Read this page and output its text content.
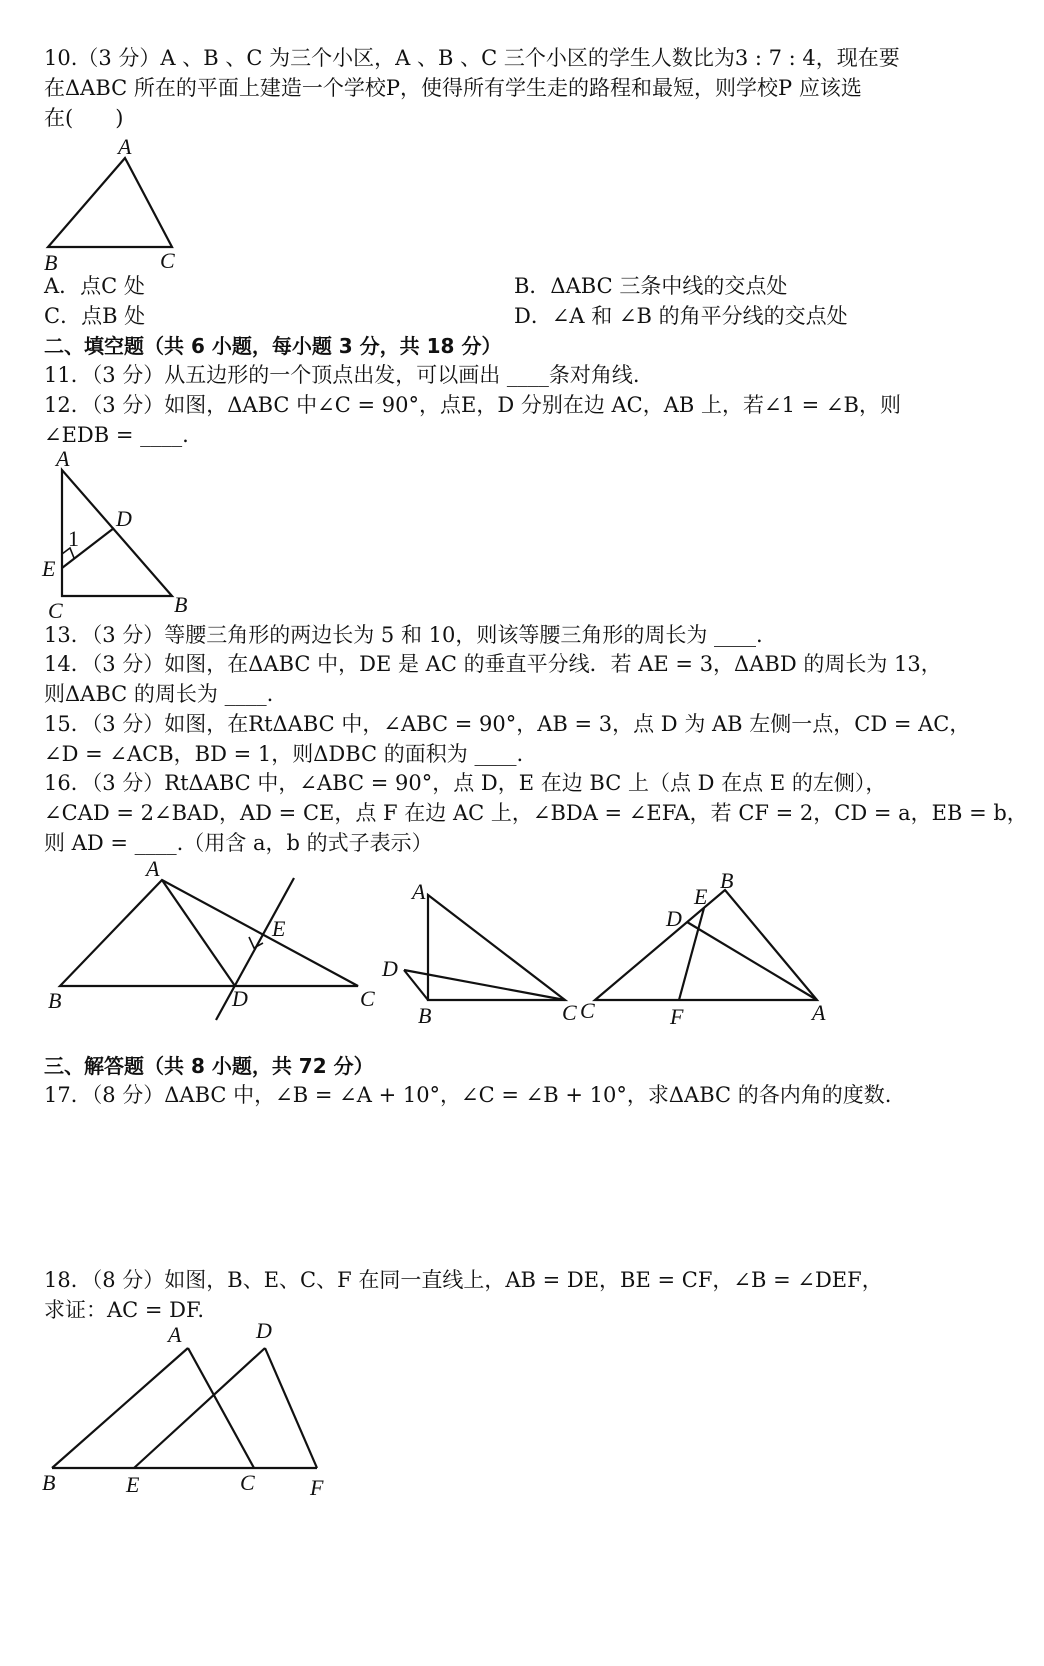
10.（3 分）A 、B 、C 为三个小区，A 、B 、C 三个小区的学生人数比为3 : 7 : 4，现在要
在ΔABC 所在的平面上建造一个学校P，使得所有学生走的路程和最短，则学校P 应该选
在(　　)
A
B	C
A．点C 处	B．ΔABC 三条中线的交点处
C．点B 处	D．∠A 和 ∠B 的角平分线的交点处
二、填空题（共 6 小题，每小题 3 分，共 18 分）
11．（3 分）从五边形的一个顶点出发，可以画出 ____条对角线.
12．（3 分）如图，ΔABC 中∠C = 90°，点E，D 分别在边 AC，AB 上，若∠1 = ∠B，则
∠EDB = ____.
A
D
1
E
C	B
13．（3 分）等腰三角形的两边长为 5 和 10，则该等腰三角形的周长为 ____.
14．（3 分）如图，在ΔABC 中，DE 是 AC 的垂直平分线．若 AE = 3，ΔABD 的周长为 13，
则ΔABC 的周长为 ____.
15．（3 分）如图，在RtΔABC 中，∠ABC = 90°，AB = 3，点 D 为 AB 左侧一点，CD = AC，
∠D = ∠ACB，BD = 1，则ΔDBC 的面积为 ____.
16．（3 分）RtΔABC 中，∠ABC = 90°，点 D，E 在边 BC 上（点 D 在点 E 的左侧），
∠CAD = 2∠BAD，AD = CE，点 F 在边 AC 上，∠BDA = ∠EFA，若 CF = 2，CD = a，EB = b，
则 AD = ____.（用含 a，b 的式子表示）
A
E
B	D	C
A
D
B	C C
B
E
D
F	A
三、解答题（共 8 小题，共 72 分）
17．（8 分）ΔABC 中，∠B = ∠A + 10°，∠C = ∠B + 10°，求ΔABC 的各内角的度数.
18．（8 分）如图，B、E、C、F 在同一直线上，AB = DE，BE = CF，∠B = ∠DEF，
求证：AC = DF.
A	D
B	E	C	F
